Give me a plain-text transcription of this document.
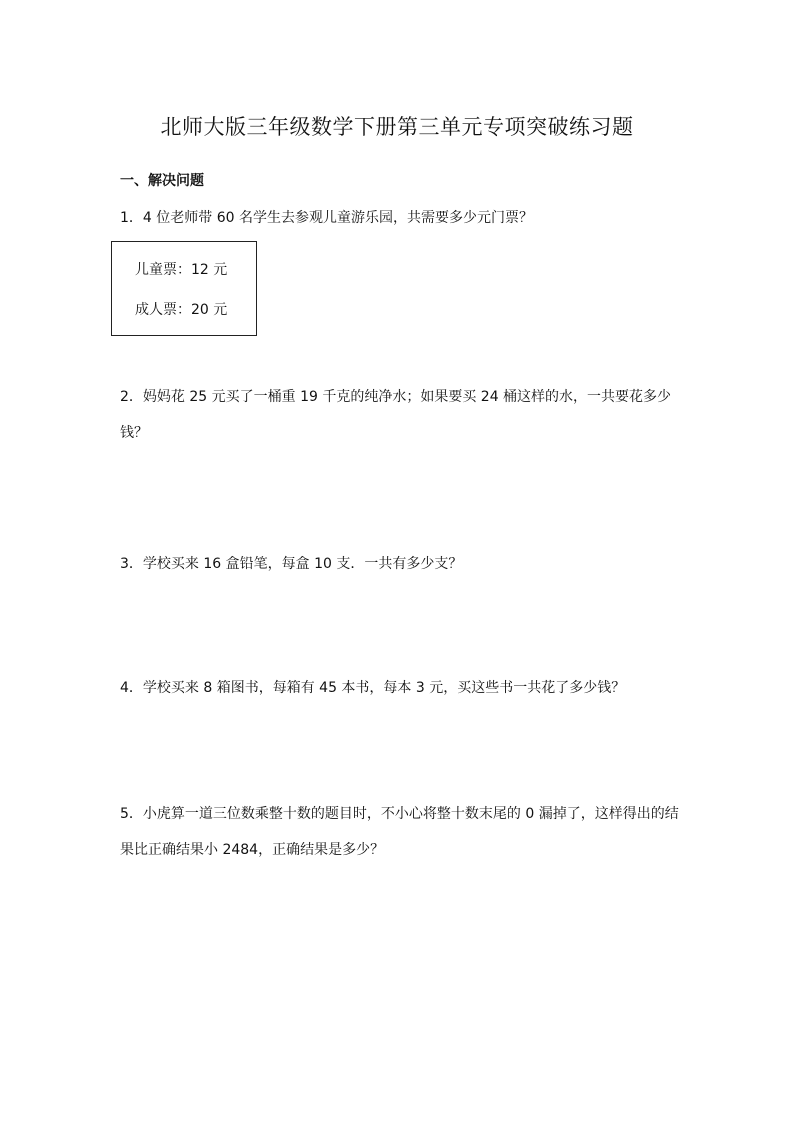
北师大版三年级数学下册第三单元专项突破练习题
一、解决问题
1．4 位老师带 60 名学生去参观儿童游乐园，共需要多少元门票？
儿童票：12 元
成人票：20 元
2．妈妈花 25 元买了一桶重 19 千克的纯净水；如果要买 24 桶这样的水，一共要花多少钱？
3．学校买来 16 盒铅笔，每盒 10 支．一共有多少支？
4．学校买来 8 箱图书，每箱有 45 本书，每本 3 元，买这些书一共花了多少钱？
5．小虎算一道三位数乘整十数的题目时，不小心将整十数末尾的 0 漏掉了，这样得出的结果比正确结果小 2484，正确结果是多少？
